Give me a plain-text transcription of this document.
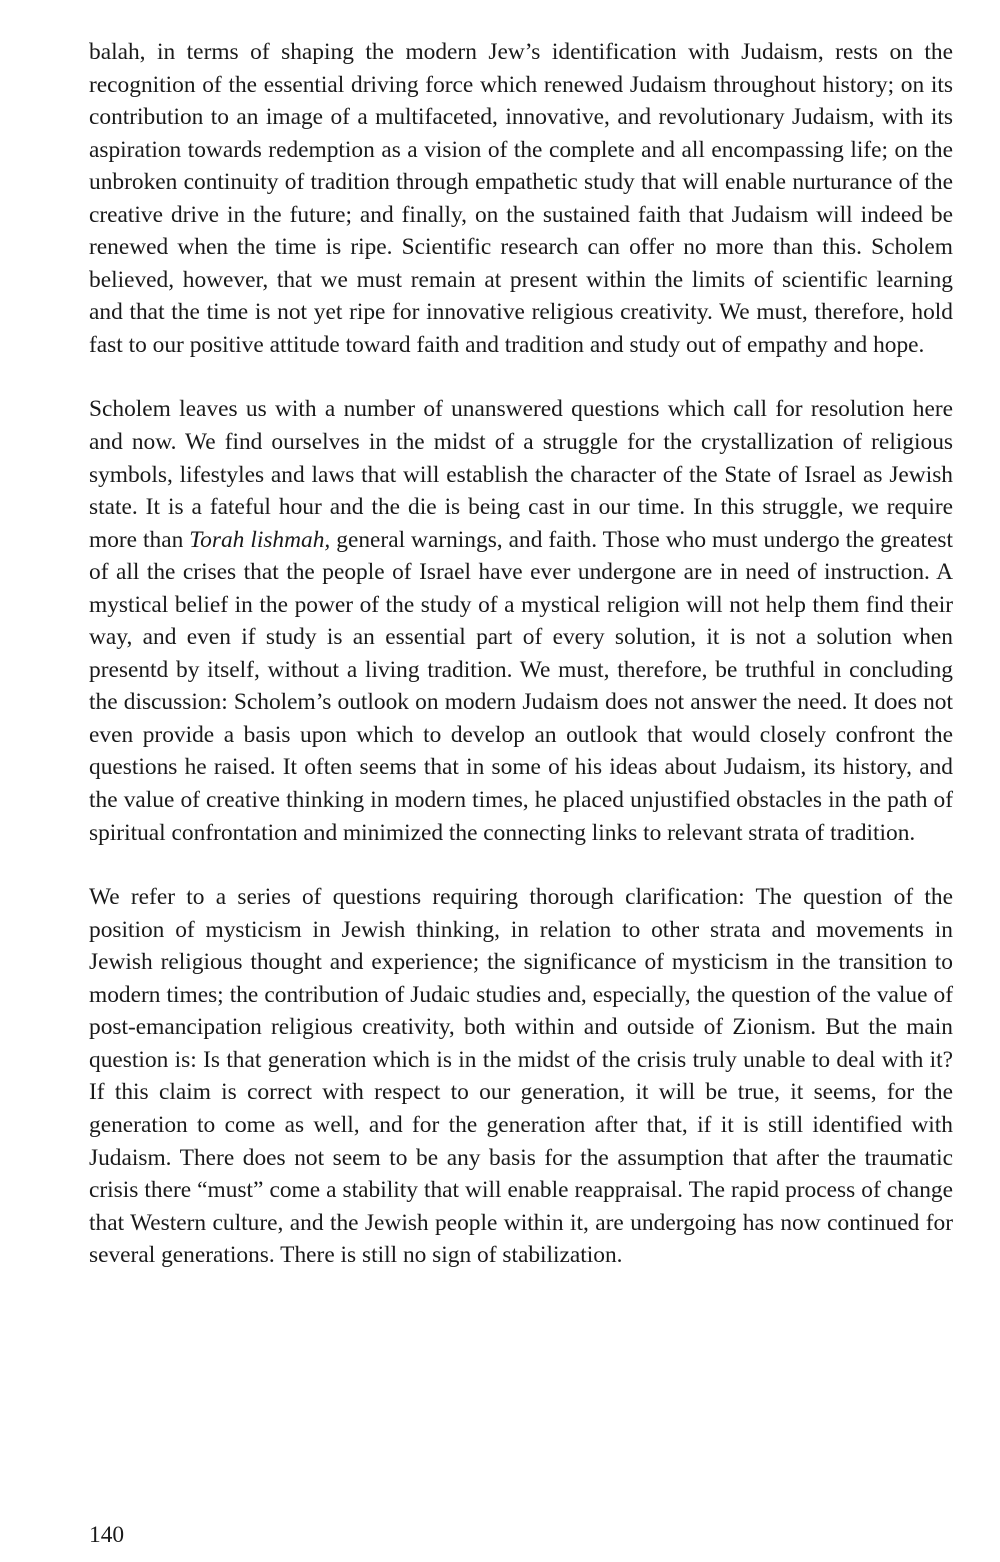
balah, in terms of shaping the modern Jew’s identification with Judaism, rests on the recognition of the essential driving force which renewed Judaism throughout history; on its contribution to an image of a multifaceted, innovative, and revolutionary Judaism, with its aspiration towards redemption as a vision of the complete and all encompassing life; on the unbroken continuity of tradition through empathetic study that will enable nurturance of the creative drive in the future; and finally, on the sustained faith that Judaism will indeed be renewed when the time is ripe. Scientific research can offer no more than this. Scholem believed, however, that we must remain at present within the limits of scientific learning and that the time is not yet ripe for innovative religious creativity. We must, therefore, hold fast to our positive attitude toward faith and tradition and study out of empathy and hope.

Scholem leaves us with a number of unanswered questions which call for resolution here and now. We find ourselves in the midst of a struggle for the crystallization of religious symbols, lifestyles and laws that will establish the character of the State of Israel as Jewish state. It is a fateful hour and the die is being cast in our time. In this struggle, we require more than Torah lishmah, general warnings, and faith. Those who must undergo the greatest of all the crises that the people of Israel have ever undergone are in need of instruction. A mystical belief in the power of the study of a mystical religion will not help them find their way, and even if study is an essential part of every solution, it is not a solution when presentd by itself, without a living tradition. We must, therefore, be truthful in concluding the discussion: Scholem’s outlook on modern Judaism does not answer the need. It does not even provide a basis upon which to develop an outlook that would closely confront the questions he raised. It often seems that in some of his ideas about Judaism, its history, and the value of creative thinking in modern times, he placed unjustified obstacles in the path of spiritual confrontation and minimized the connecting links to relevant strata of tradition.

We refer to a series of questions requiring thorough clarification: The question of the position of mysticism in Jewish thinking, in relation to other strata and movements in Jewish religious thought and experience; the significance of mysticism in the transition to modern times; the contribution of Judaic studies and, especially, the question of the value of post-emancipation religious creativity, both within and outside of Zionism. But the main question is: Is that generation which is in the midst of the crisis truly unable to deal with it? If this claim is correct with respect to our generation, it will be true, it seems, for the generation to come as well, and for the generation after that, if it is still identified with Judaism. There does not seem to be any basis for the assumption that after the traumatic crisis there “must” come a stability that will enable reappraisal. The rapid process of change that Western culture, and the Jewish people within it, are undergoing has now continued for several generations. There is still no sign of stabilization.

140
